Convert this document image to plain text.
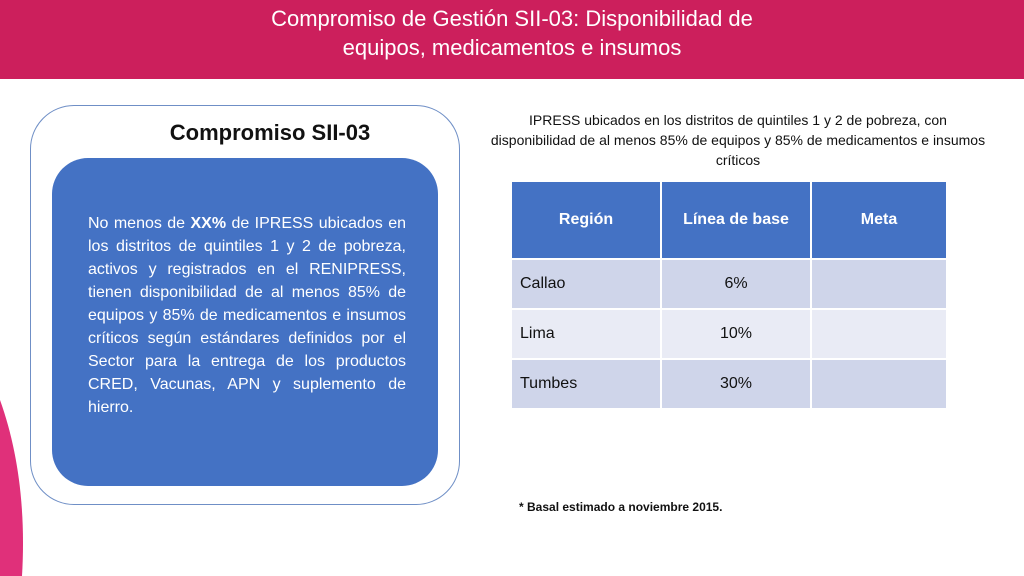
Compromiso de Gestión SII-03: Disponibilidad de
equipos, medicamentos e insumos
Compromiso SII-03

No menos de XX% de IPRESS ubicados en los distritos de quintiles 1 y 2 de pobreza, activos y registrados en el RENIPRESS, tienen disponibilidad de al menos 85% de equipos y 85% de medicamentos e insumos críticos según estándares definidos por el Sector para la entrega de los productos CRED, Vacunas, APN y suplemento de hierro.

IPRESS ubicados en los distritos de quintiles 1 y 2 de pobreza, con disponibilidad de al menos 85% de equipos y 85% de medicamentos e insumos críticos
Región	Línea de base	Meta
Callao	6%	
Lima	10%	
Tumbes	30%	
* Basal estimado a noviembre 2015.
